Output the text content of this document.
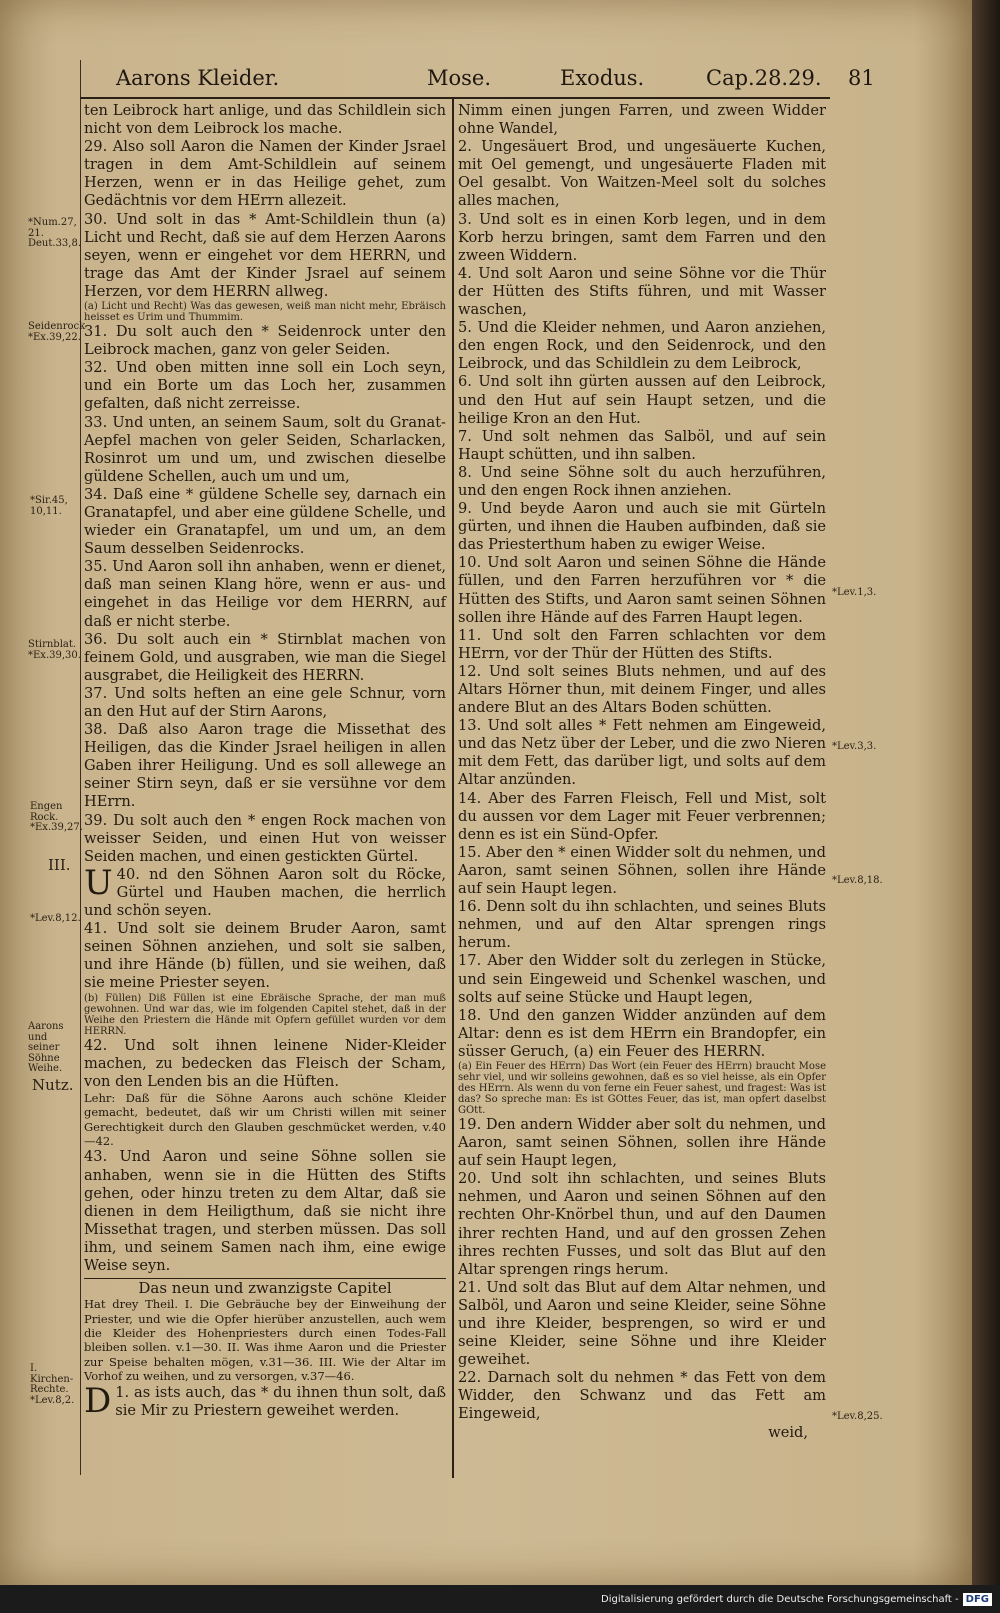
Aarons Kleider.	Mose.	Exodus.	Cap.28.29. 81
*Num.27, 21. Deut.33,8.
Seidenrock *Ex.39,22.
*Sir.45, 10,11.
Stirnblat. *Ex.39,30.
Engen Rock. *Ex.39,27.
III.
*Lev.8,12.
Aarons und seiner Söhne Weihe.
Nutz.
I. Kirchen-Rechte. *Lev.8,2.
*Lev.1,3.
*Lev.3,3.
*Lev.8,18.
*Lev.8,25.

ten Leibrock hart anlige, und das Schildlein sich nicht von dem Leibrock los mache.

29. Also soll Aaron die Namen der Kinder Jsrael tragen in dem Amt-Schildlein auf seinem Herzen, wenn er in das Heilige gehet, zum Gedächtnis vor dem HErrn allezeit.

30. Und solt in das * Amt-Schildlein thun (a) Licht und Recht, daß sie auf dem Herzen Aarons seyen, wenn er eingehet vor dem HERRN, und trage das Amt der Kinder Jsrael auf seinem Herzen, vor dem HERRN allweg.

(a) Licht und Recht) Was das gewesen, weiß man nicht mehr, Ebräisch heisset es Urim und Thummim.

31. Du solt auch den * Seidenrock unter den Leibrock machen, ganz von geler Seiden.

32. Und oben mitten inne soll ein Loch seyn, und ein Borte um das Loch her, zusammen gefalten, daß nicht zerreisse.

33. Und unten, an seinem Saum, solt du Granat-Aepfel machen von geler Seiden, Scharlacken, Rosinrot um und um, und zwischen dieselbe güldene Schellen, auch um und um,

34. Daß eine * güldene Schelle sey, darnach ein Granatapfel, und aber eine güldene Schelle, und wieder ein Granatapfel, um und um, an dem Saum desselben Seidenrocks.

35. Und Aaron soll ihn anhaben, wenn er dienet, daß man seinen Klang höre, wenn er aus- und eingehet in das Heilige vor dem HERRN, auf daß er nicht sterbe.

36. Du solt auch ein * Stirnblat machen von feinem Gold, und ausgraben, wie man die Siegel ausgrabet, die Heiligkeit des HERRN.

37. Und solts heften an eine gele Schnur, vorn an den Hut auf der Stirn Aarons,

38. Daß also Aaron trage die Missethat des Heiligen, das die Kinder Jsrael heiligen in allen Gaben ihrer Heiligung. Und es soll allewege an seiner Stirn seyn, daß er sie versühne vor dem HErrn.

39. Du solt auch den * engen Rock machen von weisser Seiden, und einen Hut von weisser Seiden machen, und einen gestickten Gürtel.

40.
U nd den Söhnen Aaron solt du Röcke, Gürtel und Hauben machen, die herrlich und schön seyen.

41. Und solt sie deinem Bruder Aaron, samt seinen Söhnen anziehen, und solt sie salben, und ihre Hände (b) füllen, und sie weihen, daß sie meine Priester seyen.

(b) Füllen) Diß Füllen ist eine Ebräische Sprache, der man muß gewohnen. Und war das, wie im folgenden Capitel stehet, daß in der Weihe den Priestern die Hände mit Opfern gefüllet wurden vor dem HERRN.

42. Und solt ihnen leinene Nider-Kleider machen, zu bedecken das Fleisch der Scham, von den Lenden bis an die Hüften.

Lehr: Daß für die Söhne Aarons auch schöne Kleider gemacht, bedeutet, daß wir um Christi willen mit seiner Gerechtigkeit durch den Glauben geschmücket werden, v.40—42.

43. Und Aaron und seine Söhne sollen sie anhaben, wenn sie in die Hütten des Stifts gehen, oder hinzu treten zu dem Altar, daß sie dienen in dem Heiligthum, daß sie nicht ihre Missethat tragen, und sterben müssen. Das soll ihm, und seinem Samen nach ihm, eine ewige Weise seyn.

Das neun und zwanzigste Capitel

Hat drey Theil. I. Die Gebräuche bey der Einweihung der Priester, und wie die Opfer hierüber anzustellen, auch wem die Kleider des Hohenpriesters durch einen Todes-Fall bleiben sollen. v.1—30. II. Was ihme Aaron und die Priester zur Speise behalten mögen, v.31—36. III. Wie der Altar im Vorhof zu weihen, und zu versorgen, v.37—46.

1.
D as ists auch, das * du ihnen thun solt, daß sie Mir zu Priestern geweihet werden.

Nimm einen jungen Farren, und zween Widder ohne Wandel,

2. Ungesäuert Brod, und ungesäuerte Kuchen, mit Oel gemengt, und ungesäuerte Fladen mit Oel gesalbt. Von Waitzen-Meel solt du solches alles machen,

3. Und solt es in einen Korb legen, und in dem Korb herzu bringen, samt dem Farren und den zween Widdern.

4. Und solt Aaron und seine Söhne vor die Thür der Hütten des Stifts führen, und mit Wasser waschen,

5. Und die Kleider nehmen, und Aaron anziehen, den engen Rock, und den Seidenrock, und den Leibrock, und das Schildlein zu dem Leibrock,

6. Und solt ihn gürten aussen auf den Leibrock, und den Hut auf sein Haupt setzen, und die heilige Kron an den Hut.

7. Und solt nehmen das Salböl, und auf sein Haupt schütten, und ihn salben.

8. Und seine Söhne solt du auch herzuführen, und den engen Rock ihnen anziehen.

9. Und beyde Aaron und auch sie mit Gürteln gürten, und ihnen die Hauben aufbinden, daß sie das Priesterthum haben zu ewiger Weise.

10. Und solt Aaron und seinen Söhne die Hände füllen, und den Farren herzuführen vor * die Hütten des Stifts, und Aaron samt seinen Söhnen sollen ihre Hände auf des Farren Haupt legen.

11. Und solt den Farren schlachten vor dem HErrn, vor der Thür der Hütten des Stifts.

12. Und solt seines Bluts nehmen, und auf des Altars Hörner thun, mit deinem Finger, und alles andere Blut an des Altars Boden schütten.

13. Und solt alles * Fett nehmen am Eingeweid, und das Netz über der Leber, und die zwo Nieren mit dem Fett, das darüber ligt, und solts auf dem Altar anzünden.

14. Aber des Farren Fleisch, Fell und Mist, solt du aussen vor dem Lager mit Feuer verbrennen; denn es ist ein Sünd-Opfer.

15. Aber den * einen Widder solt du nehmen, und Aaron, samt seinen Söhnen, sollen ihre Hände auf sein Haupt legen.

16. Denn solt du ihn schlachten, und seines Bluts nehmen, und auf den Altar sprengen rings herum.

17. Aber den Widder solt du zerlegen in Stücke, und sein Eingeweid und Schenkel waschen, und solts auf seine Stücke und Haupt legen,

18. Und den ganzen Widder anzünden auf dem Altar: denn es ist dem HErrn ein Brandopfer, ein süsser Geruch, (a) ein Feuer des HERRN.

(a) Ein Feuer des HErrn) Das Wort (ein Feuer des HErrn) braucht Mose sehr viel, und wir solleins gewohnen, daß es so viel heisse, als ein Opfer des HErrn. Als wenn du von ferne ein Feuer sahest, und fragest: Was ist das? So spreche man: Es ist GOttes Feuer, das ist, man opfert daselbst GOtt.

19. Den andern Widder aber solt du nehmen, und Aaron, samt seinen Söhnen, sollen ihre Hände auf sein Haupt legen,

20. Und solt ihn schlachten, und seines Bluts nehmen, und Aaron und seinen Söhnen auf den rechten Ohr-Knörbel thun, und auf den Daumen ihrer rechten Hand, und auf den grossen Zehen ihres rechten Fusses, und solt das Blut auf den Altar sprengen rings herum.

21. Und solt das Blut auf dem Altar nehmen, und Salböl, und Aaron und seine Kleider, seine Söhne und ihre Kleider, besprengen, so wird er und seine Kleider, seine Söhne und ihre Kleider geweihet.

22. Darnach solt du nehmen * das Fett von dem Widder, den Schwanz und das Fett am Eingeweid,

weid,

Digitalisierung gefördert durch die Deutsche Forschungsgemeinschaft - DFG
